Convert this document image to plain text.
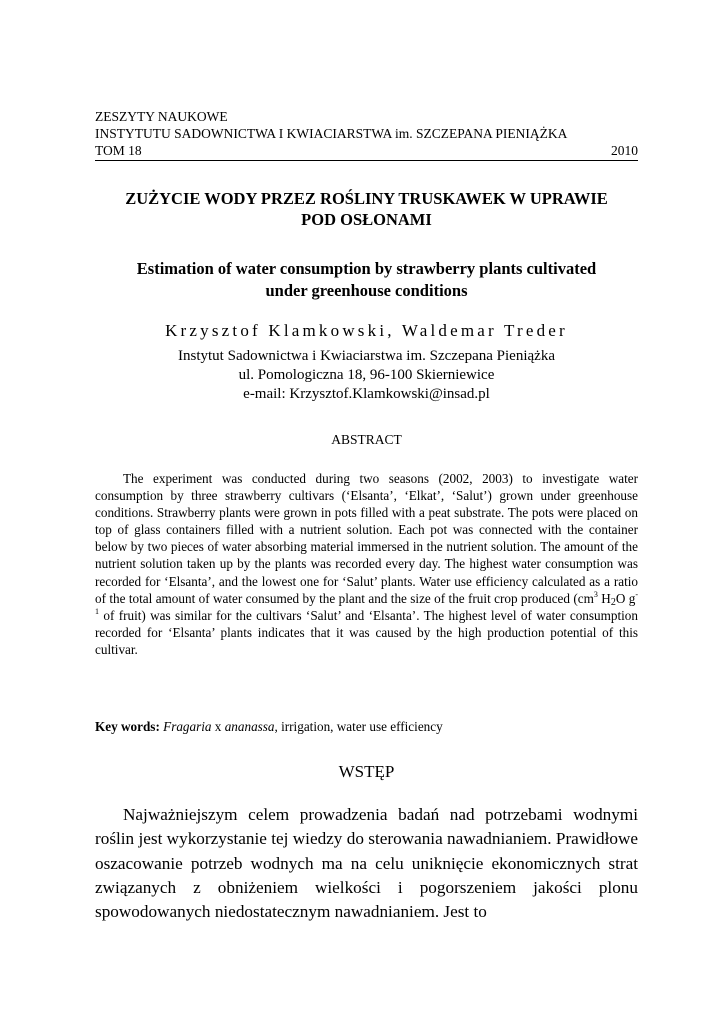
ZESZYTY NAUKOWE
INSTYTUTU SADOWNICTWA I KWIACIARSTWA im. SZCZEPANA PIENIĄŻKA
TOM 18	2010
ZUŻYCIE WODY PRZEZ ROŚLINY TRUSKAWEK W UPRAWIE
POD OSŁONAMI
Estimation of water consumption by strawberry plants cultivated
under greenhouse conditions
Krzysztof Klamkowski, Waldemar Treder
Instytut Sadownictwa i Kwiaciarstwa im. Szczepana Pieniążka
ul. Pomologiczna 18, 96-100 Skierniewice
e-mail: Krzysztof.Klamkowski@insad.pl
ABSTRACT

The experiment was conducted during two seasons (2002, 2003) to investigate water consumption by three strawberry cultivars (‘Elsanta’, ‘Elkat’, ‘Salut’) grown under greenhouse conditions. Strawberry plants were grown in pots filled with a peat substrate. The pots were placed on top of glass containers filled with a nutrient solution. Each pot was connected with the container below by two pieces of water absorbing material immersed in the nutrient solution. The amount of the nutrient solution taken up by the plants was recorded every day. The highest water consumption was recorded for ‘Elsanta’, and the lowest one for ‘Salut’ plants. Water use efficiency calculated as a ratio of the total amount of water consumed by the plant and the size of the fruit crop produced ($cm^3$ $H_2O$ $g^{-1}$ of fruit) was similar for the cultivars ‘Salut’ and ‘Elsanta’. The highest level of water consumption recorded for ‘Elsanta’ plants indicates that it was caused by the high production potential of this cultivar.

Key words: Fragaria x ananassa, irrigation, water use efficiency
WSTĘP

Najważniejszym celem prowadzenia badań nad potrzebami wodnymi roślin jest wykorzystanie tej wiedzy do sterowania nawadnianiem. Prawidłowe oszacowanie potrzeb wodnych ma na celu uniknięcie ekonomicznych strat związanych z obniżeniem wielkości i pogorszeniem jakości plonu spowodowanych niedostatecznym nawadnianiem. Jest to
